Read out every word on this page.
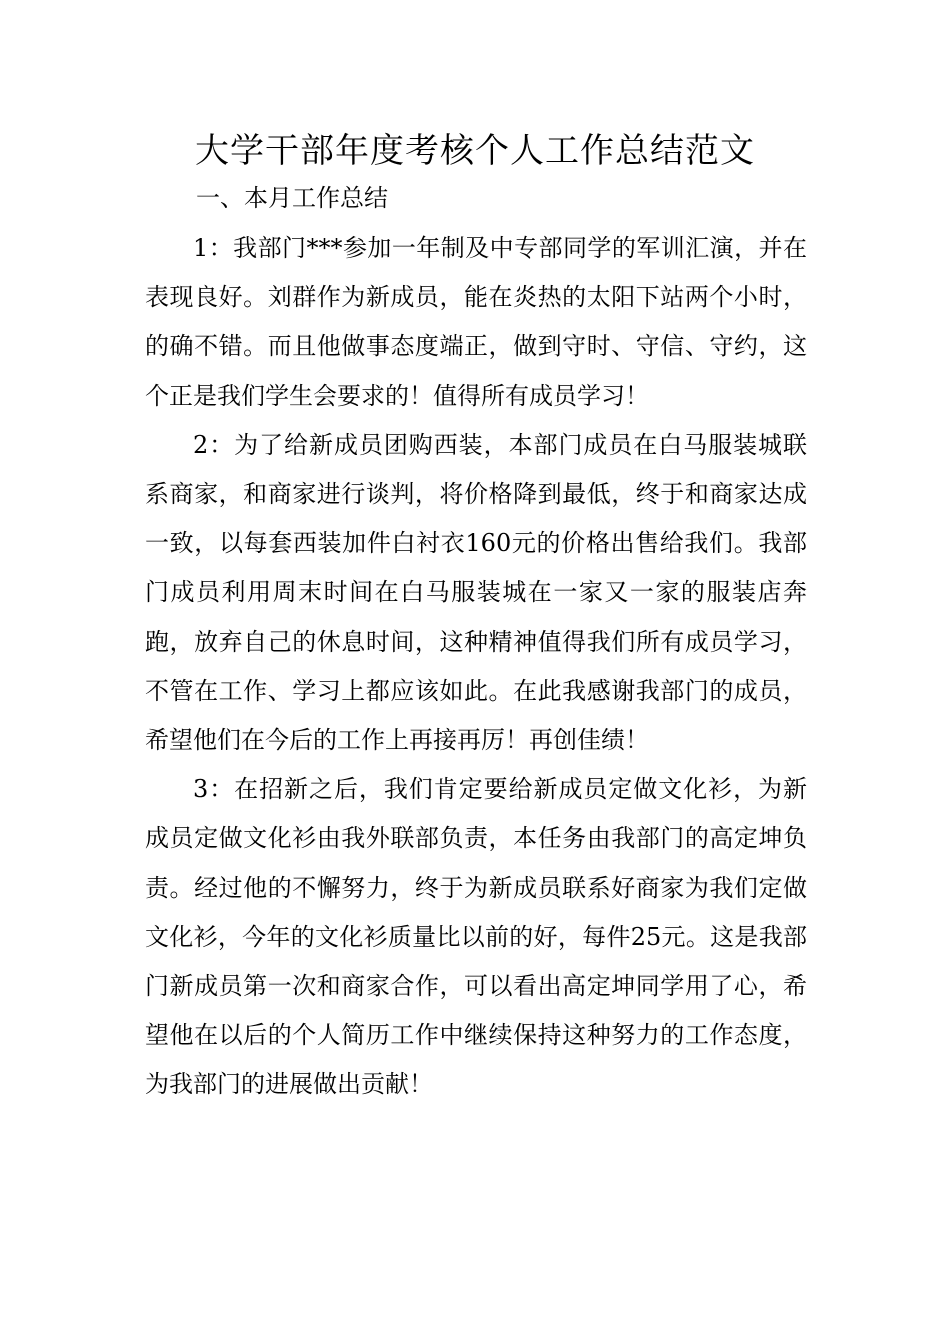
大学干部年度考核个人工作总结范文

一、本月工作总结

1：我部门***参加一年制及中专部同学的军训汇演，并在表现良好。刘群作为新成员，能在炎热的太阳下站两个小时，的确不错。而且他做事态度端正，做到守时、守信、守约，这个正是我们学生会要求的！值得所有成员学习！

2：为了给新成员团购西装，本部门成员在白马服装城联系商家，和商家进行谈判，将价格降到最低，终于和商家达成一致，以每套西装加件白衬衣160元的价格出售给我们。我部门成员利用周末时间在白马服装城在一家又一家的服装店奔跑，放弃自己的休息时间，这种精神值得我们所有成员学习，不管在工作、学习上都应该如此。在此我感谢我部门的成员，希望他们在今后的工作上再接再厉！再创佳绩！

3：在招新之后，我们肯定要给新成员定做文化衫，为新成员定做文化衫由我外联部负责，本任务由我部门的高定坤负责。经过他的不懈努力，终于为新成员联系好商家为我们定做文化衫，今年的文化衫质量比以前的好，每件25元。这是我部门新成员第一次和商家合作，可以看出高定坤同学用了心，希望他在以后的个人简历工作中继续保持这种努力的工作态度，为我部门的进展做出贡献！
